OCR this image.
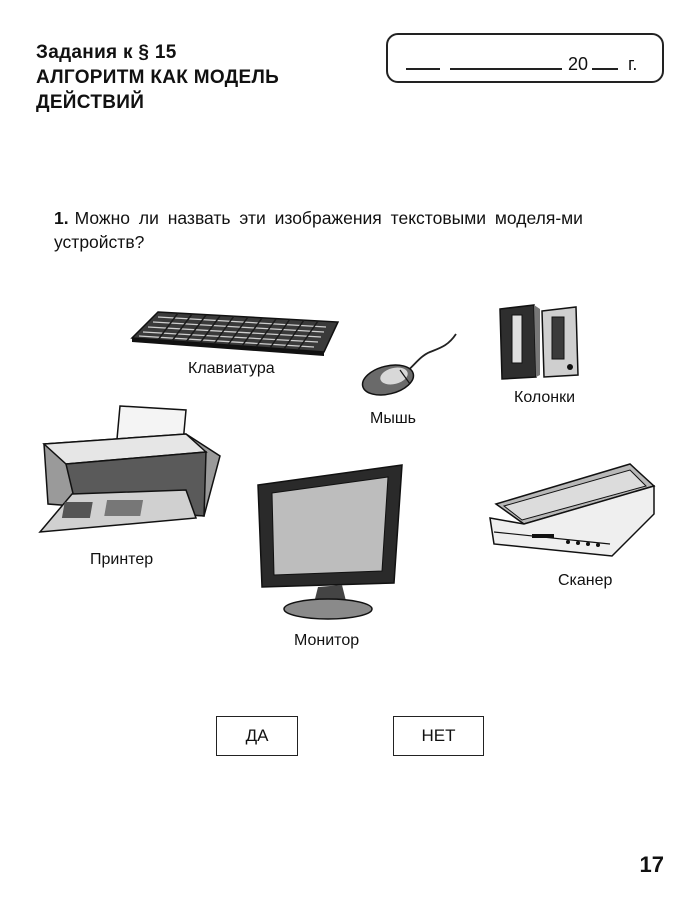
Задания к § 15
АЛГОРИТМ КАК МОДЕЛЬ
ДЕЙСТВИЙ
20 г.
1. Можно ли назвать эти изображения текстовыми моделя-ми устройств?
Клавиатура
Мышь
Колонки
Принтер
Монитор
Сканер
ДА	НЕТ
17
